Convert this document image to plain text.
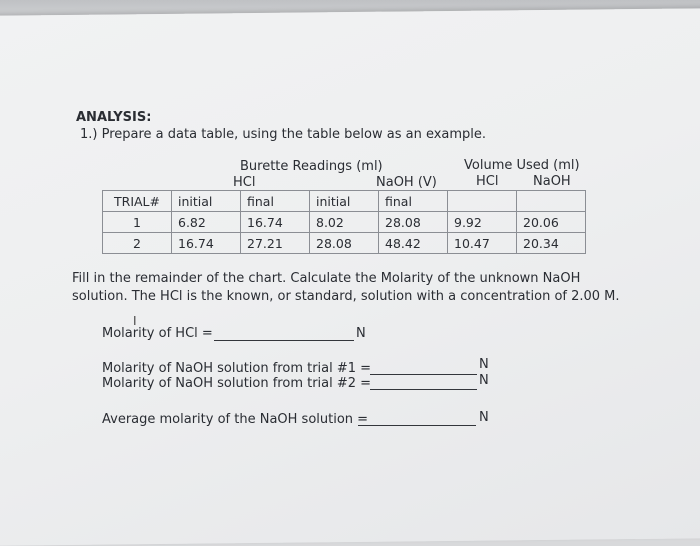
ANALYSIS:
1.) Prepare a data table, using the table below as an example.
Burette Readings (ml)
HCl	NaOH (V)
Volume Used (ml)
HCl	NaOH
TRIAL#	initial	final	initial	final		
1	6.82	16.74	8.02	28.08	9.92	20.06
2	16.74	27.21	28.08	48.42	10.47	20.34
Fill in the remainder of the chart. Calculate the Molarity of the unknown NaOH
solution. The HCl is the known, or standard, solution with a concentration of 2.00 M.
I
Molarity of HCl =	N
Molarity of NaOH solution from trial #1 =	N
Molarity of NaOH solution from trial #2 =	N
Average molarity of the NaOH solution =	N
